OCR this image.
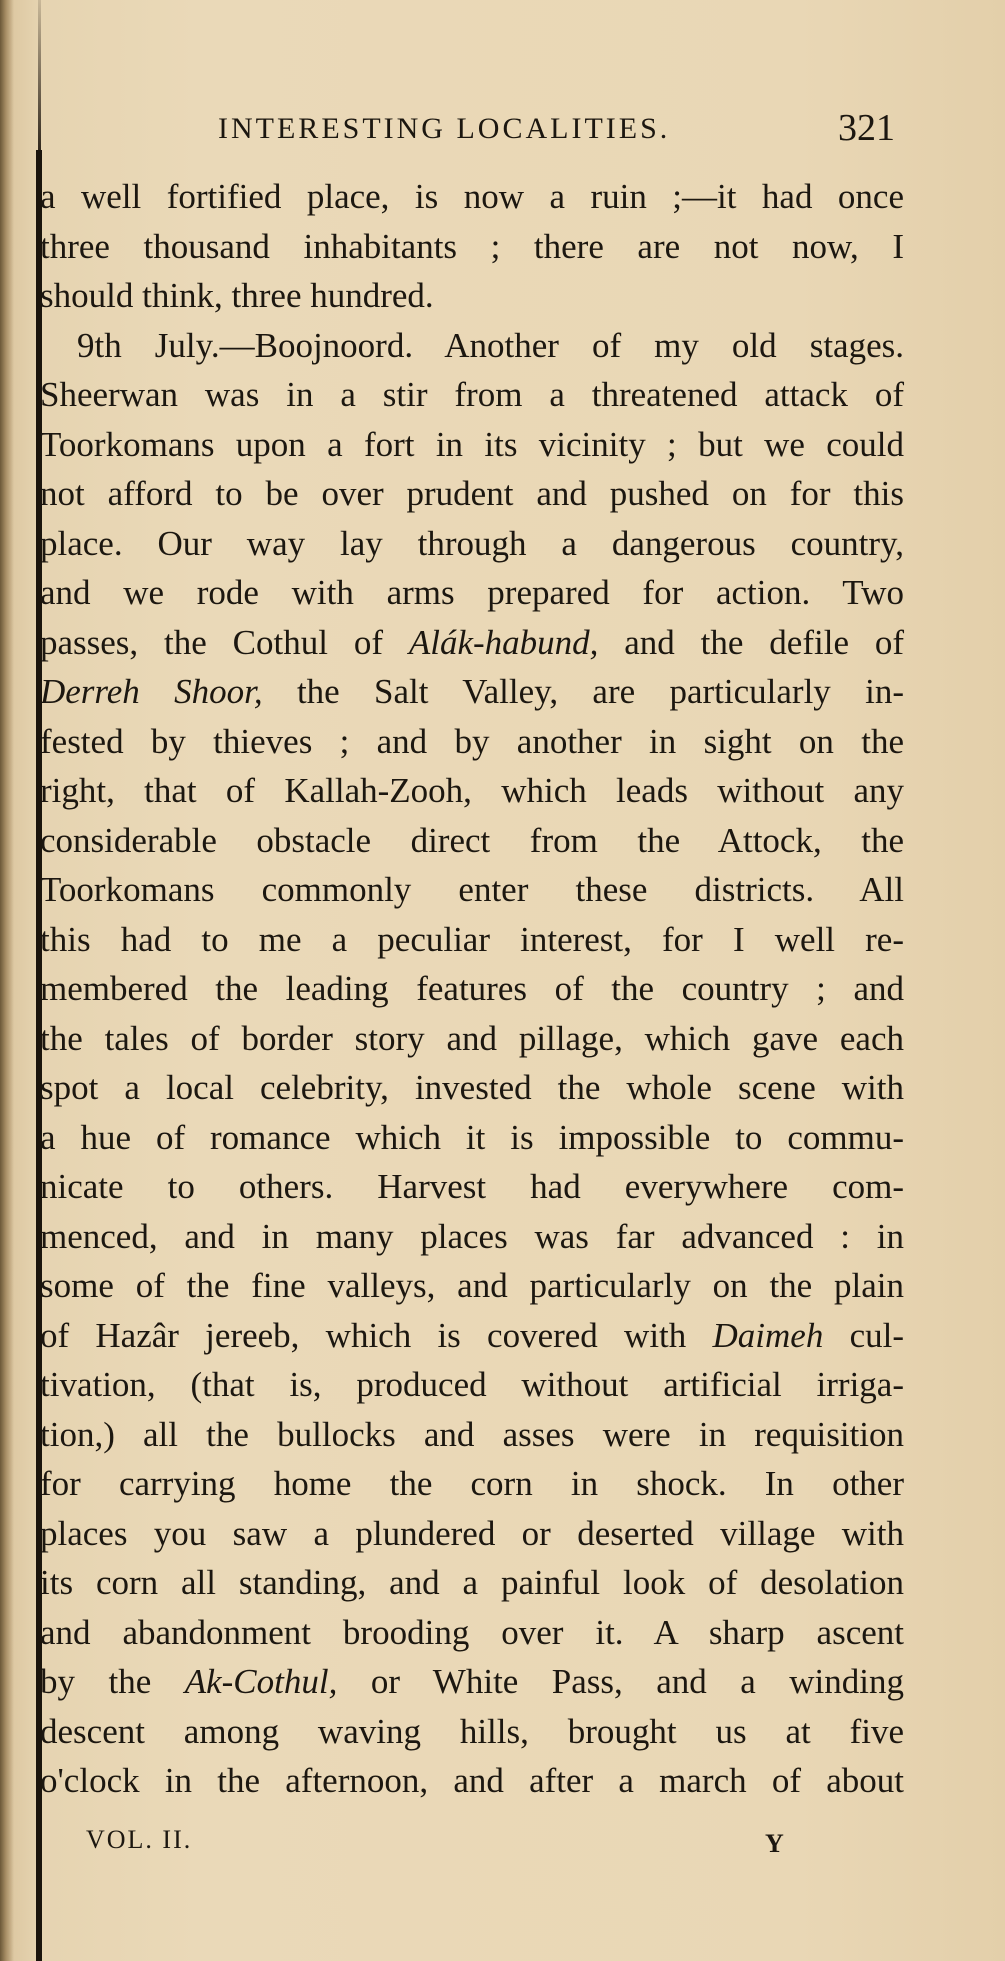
INTERESTING LOCALITIES.	321
a well fortified place, is now a ruin ;—it had once
three thousand inhabitants ; there are not now, I
should think, three hundred.
9th July.—Boojnoord. Another of my old stages.
Sheerwan was in a stir from a threatened attack of
Toorkomans upon a fort in its vicinity ; but we could
not afford to be over prudent and pushed on for this
place. Our way lay through a dangerous country,
and we rode with arms prepared for action. Two
passes, the Cothul of Alák-habund, and the defile of
Derreh Shoor, the Salt Valley, are particularly in-
fested by thieves ; and by another in sight on the
right, that of Kallah-Zooh, which leads without any
considerable obstacle direct from the Attock, the
Toorkomans commonly enter these districts. All
this had to me a peculiar interest, for I well re-
membered the leading features of the country ; and
the tales of border story and pillage, which gave each
spot a local celebrity, invested the whole scene with
a hue of romance which it is impossible to commu-
nicate to others. Harvest had everywhere com-
menced, and in many places was far advanced : in
some of the fine valleys, and particularly on the plain
of Hazâr jereeb, which is covered with Daimeh cul-
tivation, (that is, produced without artificial irriga-
tion,) all the bullocks and asses were in requisition
for carrying home the corn in shock. In other
places you saw a plundered or deserted village with
its corn all standing, and a painful look of desolation
and abandonment brooding over it. A sharp ascent
by the Ak-Cothul, or White Pass, and a winding
descent among waving hills, brought us at five
o'clock in the afternoon, and after a march of about
VOL. II.	Y
